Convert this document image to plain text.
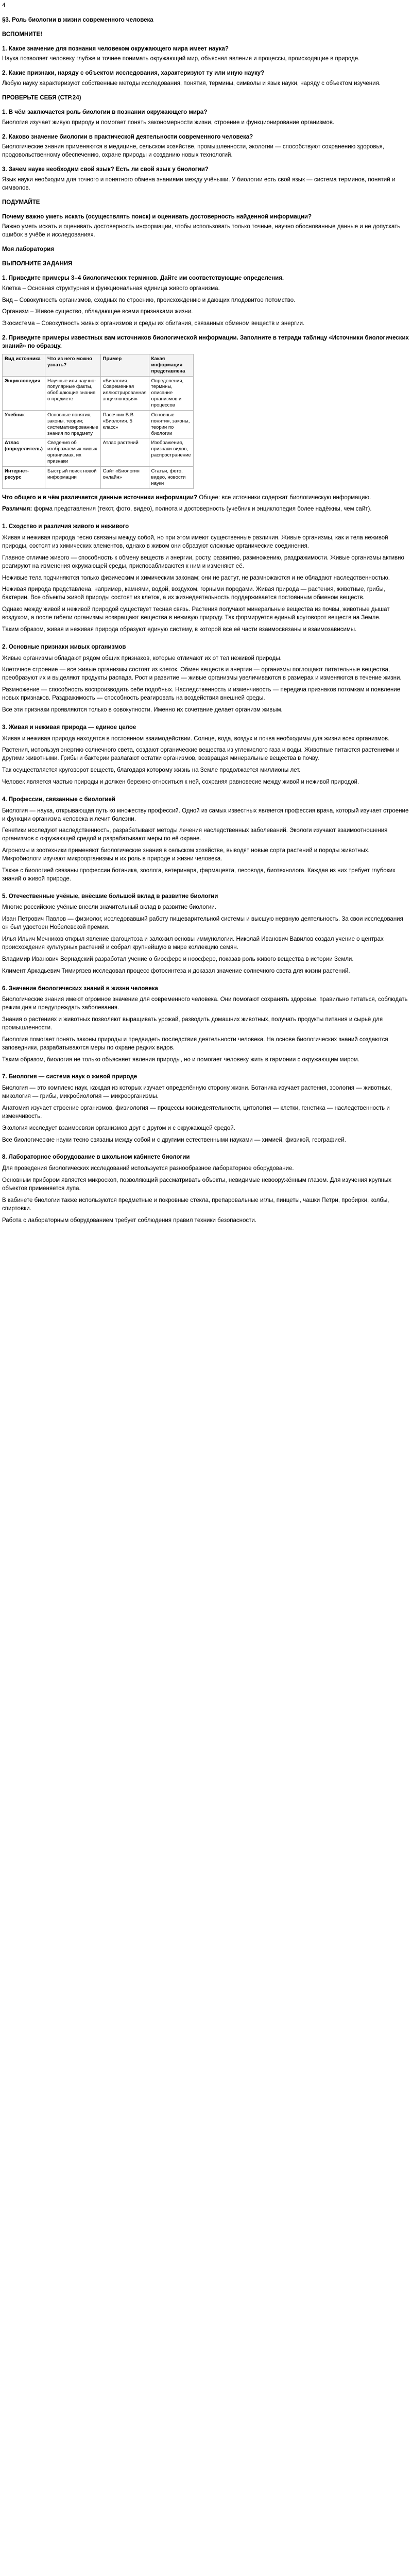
4

§3. Роль биологии в жизни современного человека

ВСПОМНИТЕ!

1. Какое значение для познания человеком окружающего мира имеет наука?

Наука позволяет человеку глубже и точнее понимать окружающий мир, объяснял явления и процессы, происходящие в природе.

2. Какие признаки, наряду с объектом исследования, характеризуют ту или иную науку?

Любую науку характеризуют собственные методы исследования, понятия, термины, символы и язык науки, наряду с объектом изучения.

ПРОВЕРЬТЕ СЕБЯ (СТР.24)

1. В чём заключается роль биологии в познании окружающего мира?

Биология изучает живую природу и помогает понять закономерности жизни, строение и функционирование организмов.

2. Каково значение биологии в практической деятельности современного человека?

Биологические знания применяются в медицине, сельском хозяйстве, промышленности, экологии — способствуют сохранению здоровья, продовольственному обеспечению, охране природы и созданию новых технологий.

3. Зачем науке необходим свой язык? Есть ли свой язык у биологии?

Язык науки необходим для точного и понятного обмена знаниями между учёными. У биологии есть свой язык — система терминов, понятий и символов.

ПОДУМАЙТЕ

Почему важно уметь искать (осуществлять поиск) и оценивать достоверность найденной информации?

Важно уметь искать и оценивать достоверность информации, чтобы использовать только точные, научно обоснованные данные и не допускать ошибок в учёбе и исследованиях.

Моя лаборатория

ВЫПОЛНИТЕ ЗАДАНИЯ

1. Приведите примеры 3–4 биологических терминов. Дайте им соответствующие определения.

Клетка – Основная структурная и функциональная единица живого организма.

Вид – Совокупность организмов, сходных по строению, происхождению и дающих плодовитое потомство.

Организм – Живое существо, обладающее всеми признаками жизни.

Экосистема – Совокупность живых организмов и среды их обитания, связанных обменом веществ и энергии.

2. Приведите примеры известных вам источников биологической информации. Заполните в тетради таблицу «Источники биологических знаний» по образцу.

Вид источника	Что из него можно узнать?	Пример	Какая информация представлена
Энциклопедия	Научные или научно-популярные факты, обобщающие знания о предмете	«Биология. Современная иллюстрированная энциклопедия»	Определения, термины, описание организмов и процессов
Учебник	Основные понятия, законы, теории; систематизированные знания по предмету	Пасечник В.В. «Биология. 5 класс»	Основные понятия, законы, теории по биологии
Атлас (определитель)	Сведения об изображаемых живых организмах, их признаки	Атлас растений	Изображения, признаки видов, распространение
Интернет-ресурс	Быстрый поиск новой информации	Сайт «Биология онлайн»	Статьи, фото, видео, новости науки

Что общего и в чём различается данные источники информации? Общее: все источники содержат биологическую информацию.

Различия: форма представления (текст, фото, видео), полнота и достоверность (учебник и энциклопедия более надёжны, чем сайт).

1. Сходство и различия живого и неживого

Живая и неживая природа тесно связаны между собой, но при этом имеют существенные различия. Живые организмы, как и тела неживой природы, состоят из химических элементов, однако в живом они образуют сложные органические соединения.

Главное отличие живого — способность к обмену веществ и энергии, росту, развитию, размножению, раздражимости. Живые организмы активно реагируют на изменения окружающей среды, приспосабливаются к ним и изменяют её.

Неживые тела подчиняются только физическим и химическим законам; они не растут, не размножаются и не обладают наследственностью.

Неживая природа представлена, например, камнями, водой, воздухом, горными породами. Живая природа — растения, животные, грибы, бактерии. Все объекты живой природы состоят из клеток, а их жизнедеятельность поддерживается постоянным обменом веществ.

Однако между живой и неживой природой существует тесная связь. Растения получают минеральные вещества из почвы, животные дышат воздухом, а после гибели организмы возвращают вещества в неживую природу. Так формируется единый круговорот веществ на Земле.

Таким образом, живая и неживая природа образуют единую систему, в которой все её части взаимосвязаны и взаимозависимы.

2. Основные признаки живых организмов

Живые организмы обладают рядом общих признаков, которые отличают их от тел неживой природы.

Клеточное строение — все живые организмы состоят из клеток. Обмен веществ и энергии — организмы поглощают питательные вещества, преобразуют их и выделяют продукты распада. Рост и развитие — живые организмы увеличиваются в размерах и изменяются в течение жизни.

Размножение — способность воспроизводить себе подобных. Наследственность и изменчивость — передача признаков потомкам и появление новых признаков. Раздражимость — способность реагировать на воздействия внешней среды.

Все эти признаки проявляются только в совокупности. Именно их сочетание делает организм живым.

3. Живая и неживая природа — единое целое

Живая и неживая природа находятся в постоянном взаимодействии. Солнце, вода, воздух и почва необходимы для жизни всех организмов.

Растения, используя энергию солнечного света, создают органические вещества из углекислого газа и воды. Животные питаются растениями и другими животными. Грибы и бактерии разлагают остатки организмов, возвращая минеральные вещества в почву.

Так осуществляется круговорот веществ, благодаря которому жизнь на Земле продолжается миллионы лет.

Человек является частью природы и должен бережно относиться к ней, сохраняя равновесие между живой и неживой природой.

4. Профессии, связанные с биологией

Биология — наука, открывающая путь ко множеству профессий. Одной из самых известных является профессия врача, который изучает строение и функции организма человека и лечит болезни.

Генетики исследуют наследственность, разрабатывают методы лечения наследственных заболеваний. Экологи изучают взаимоотношения организмов с окружающей средой и разрабатывают меры по её охране.

Агрономы и зоотехники применяют биологические знания в сельском хозяйстве, выводят новые сорта растений и породы животных. Микробиологи изучают микроорганизмы и их роль в природе и жизни человека.

Также с биологией связаны профессии ботаника, зоолога, ветеринара, фармацевта, лесовода, биотехнолога. Каждая из них требует глубоких знаний о живой природе.

5. Отечественные учёные, внёсшие большой вклад в развитие биологии

Многие российские учёные внесли значительный вклад в развитие биологии.

Иван Петрович Павлов — физиолог, исследовавший работу пищеварительной системы и высшую нервную деятельность. За свои исследования он был удостоен Нобелевской премии.

Илья Ильич Мечников открыл явление фагоцитоза и заложил основы иммунологии. Николай Иванович Вавилов создал учение о центрах происхождения культурных растений и собрал крупнейшую в мире коллекцию семян.

Владимир Иванович Вернадский разработал учение о биосфере и ноосфере, показав роль живого вещества в истории Земли.

Климент Аркадьевич Тимирязев исследовал процесс фотосинтеза и доказал значение солнечного света для жизни растений.

6. Значение биологических знаний в жизни человека

Биологические знания имеют огромное значение для современного человека. Они помогают сохранять здоровье, правильно питаться, соблюдать режим дня и предупреждать заболевания.

Знания о растениях и животных позволяют выращивать урожай, разводить домашних животных, получать продукты питания и сырьё для промышленности.

Биология помогает понять законы природы и предвидеть последствия деятельности человека. На основе биологических знаний создаются заповедники, разрабатываются меры по охране редких видов.

Таким образом, биология не только объясняет явления природы, но и помогает человеку жить в гармонии с окружающим миром.

7. Биология — система наук о живой природе

Биология — это комплекс наук, каждая из которых изучает определённую сторону жизни. Ботаника изучает растения, зоология — животных, микология — грибы, микробиология — микроорганизмы.

Анатомия изучает строение организмов, физиология — процессы жизнедеятельности, цитология — клетки, генетика — наследственность и изменчивость.

Экология исследует взаимосвязи организмов друг с другом и с окружающей средой.

Все биологические науки тесно связаны между собой и с другими естественными науками — химией, физикой, географией.

8. Лабораторное оборудование в школьном кабинете биологии

Для проведения биологических исследований используется разнообразное лабораторное оборудование.

Основным прибором является микроскоп, позволяющий рассматривать объекты, невидимые невооружённым глазом. Для изучения крупных объектов применяется лупа.

В кабинете биологии также используются предметные и покровные стёкла, препаровальные иглы, пинцеты, чашки Петри, пробирки, колбы, спиртовки.

Работа с лабораторным оборудованием требует соблюдения правил техники безопасности.
